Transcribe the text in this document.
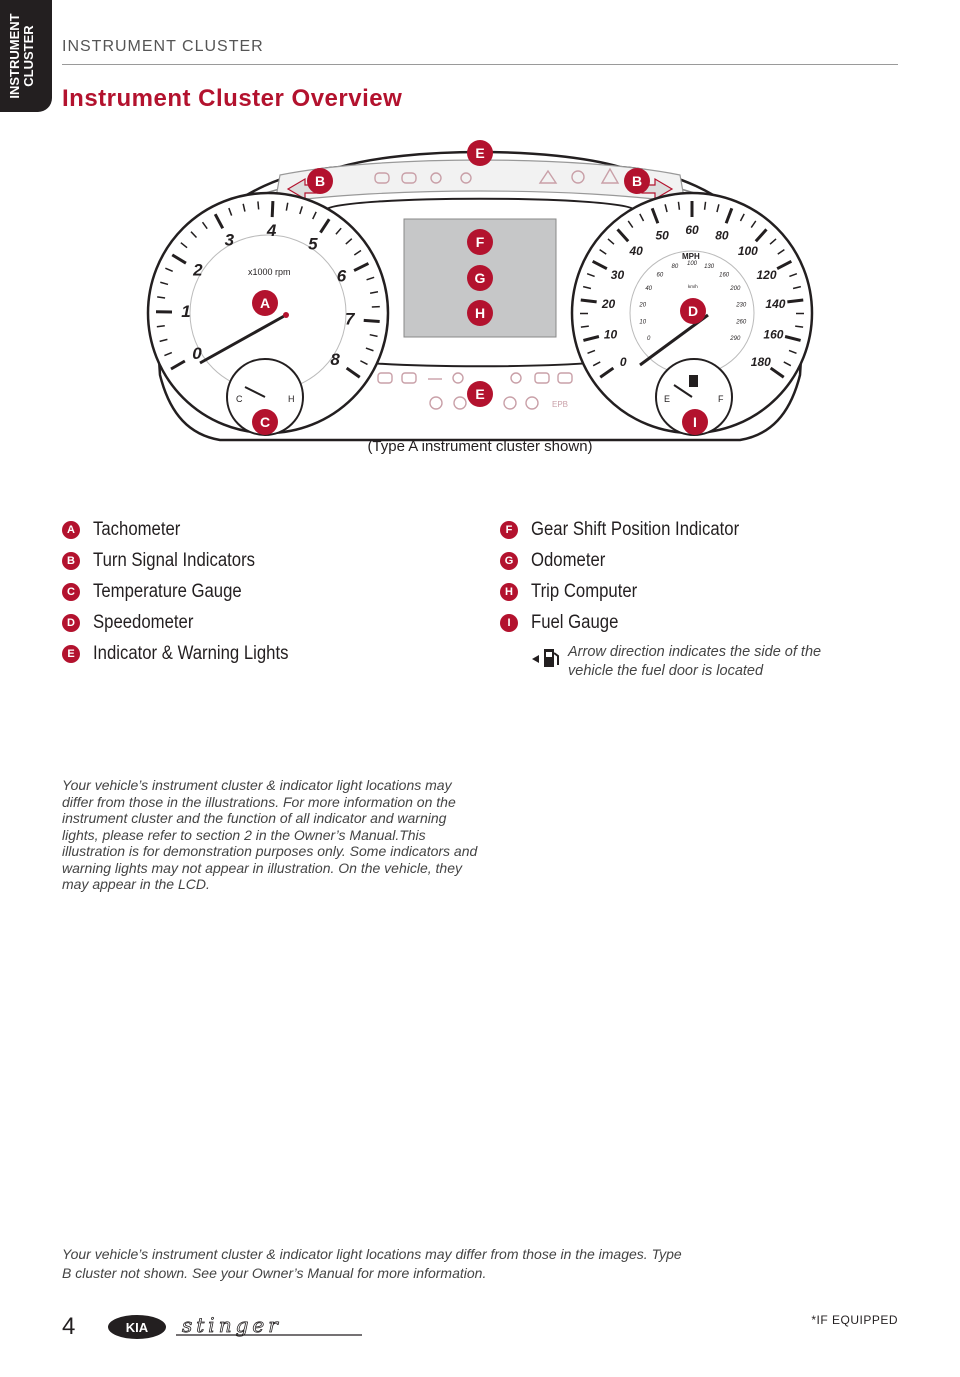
INSTRUMENT CLUSTER INSTRUMENT CLUSTER
Instrument Cluster Overview
EPB
0
1
2
3
4
5
6
7
8
x1000 rpm
C	H
0
10
20
30
40
50 60 80
100
120
140
160
180
0
10
20
40
60
80
100
130
160
200
230
260
290
MPH
km/h
E	F
E
B	B
F
G
H
A	D
E
C	I
(Type A instrument cluster shown)
A Tachometer
B Turn Signal Indicators
C Temperature Gauge
D Speedometer
E Indicator & Warning Lights
F Gear Shift Position Indicator
G Odometer
H Trip Computer
I	Fuel Gauge
Arrow direction indicates the side of the vehicle the fuel door is located
Your vehicle’s instrument cluster & indicator light locations may differ from those in the illustrations. For more information on the instrument cluster and the function of all indicator and warning lights, please refer to section 2 in the Owner’s Manual.This illustration is for demonstration purposes only. Some indicators and warning lights may not appear in illustration. On the vehicle, they may appear in the LCD.
Your vehicle’s instrument cluster & indicator light locations may differ from those in the images. Type B cluster not shown. See your Owner’s Manual for more information.
4	KIA stinger	*IF EQUIPPED
